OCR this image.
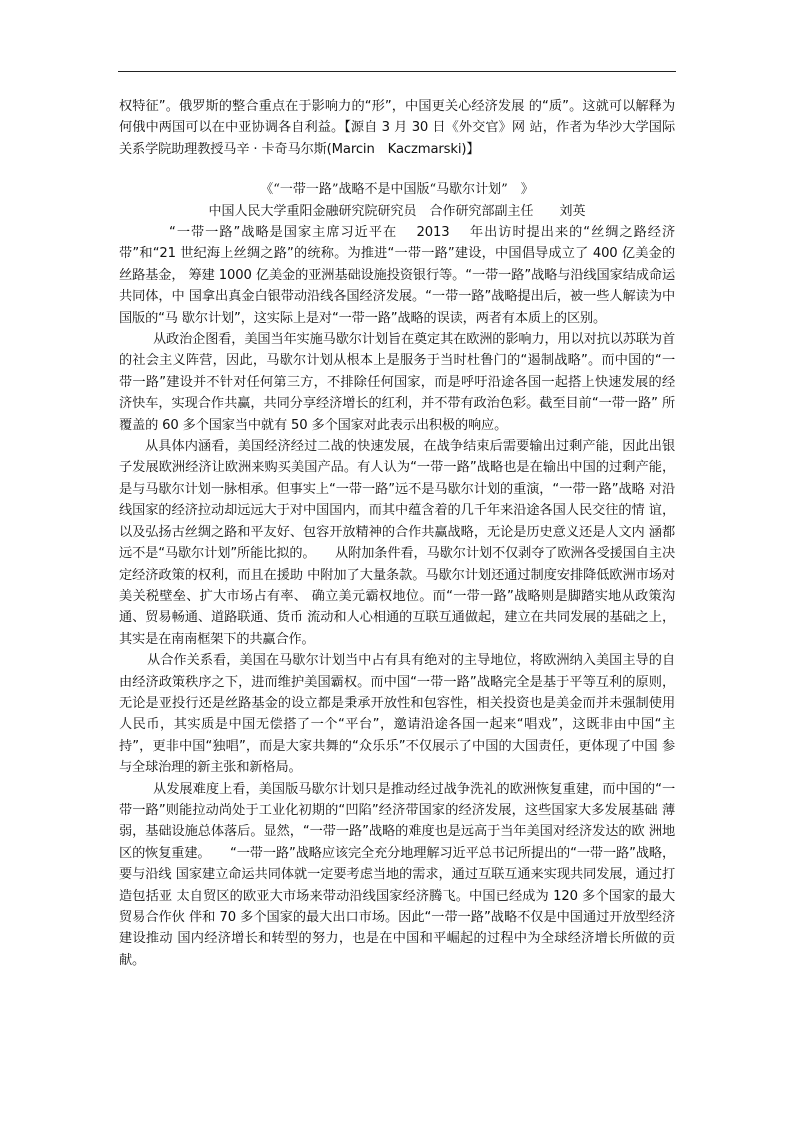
权特征”。俄罗斯的整合重点在于影响力的“形”，中国更关心经济发展 的“质”。这就可以解释为何俄中两国可以在中亚协调各自利益。【源自 3 月 30 日《外交官》网 站，作者为华沙大学国际关系学院助理教授马辛 · 卡奇马尔斯(Marcin　Kaczmarski)】

《“一带一路”战略不是中国版“马歇尔计划”　》
中国人民大学重阳金融研究院研究员　合作研究部副主任　　刘英

“一带一路”战略是国家主席习近平在　 2013　 年出访时提出来的“丝绸之路经济带”和“21 世纪海上丝绸之路”的统称。为推进“一带一路”建设，中国倡导成立了 400 亿美金的丝路基金， 筹建 1000 亿美金的亚洲基础设施投资银行等。“一带一路”战略与沿线国家结成命运共同体，中 国拿出真金白银带动沿线各国经济发展。“一带一路”战略提出后，被一些人解读为中国版的“马 歇尔计划”，这实际上是对“一带一路”战略的误读，两者有本质上的区别。

从政治企图看，美国当年实施马歇尔计划旨在奠定其在欧洲的影响力，用以对抗以苏联为首　　 的社会主义阵营，因此，马歇尔计划从根本上是服务于当时杜鲁门的“遏制战略”。而中国的“一 带一路”建设并不针对任何第三方，不排除任何国家，而是呼吁沿途各国一起搭上快速发展的经 济快车，实现合作共赢，共同分享经济增长的红利，并不带有政治色彩。截至目前“一带一路” 所覆盖的 60 多个国家当中就有 50 多个国家对此表示出积极的响应。

从具体内涵看，美国经济经过二战的快速发展，在战争结束后需要输出过剩产能，因此出银 子发展欧洲经济让欧洲来购买美国产品。有人认为“一带一路”战略也是在输出中国的过剩产能， 是与马歇尔计划一脉相承。但事实上“一带一路”远不是马歇尔计划的重演，“一带一路”战略 对沿线国家的经济拉动却远远大于对中国国内，而其中蕴含着的几千年来沿途各国人民交往的情 谊，以及弘扬古丝绸之路和平友好、包容开放精神的合作共赢战略，无论是历史意义还是人文内 涵都远不是“马歇尔计划”所能比拟的。　　从附加条件看，马歇尔计划不仅剥夺了欧洲各受援国自主决定经济政策的权利，而且在援助 中附加了大量条款。马歇尔计划还通过制度安排降低欧洲市场对美关税壁垒、扩大市场占有率、 确立美元霸权地位。而“一带一路”战略则是脚踏实地从政策沟通、贸易畅通、道路联通、货币 流动和人心相通的互联互通做起，建立在共同发展的基础之上，其实是在南南框架下的共赢合作。

从合作关系看，美国在马歇尔计划当中占有具有绝对的主导地位，将欧洲纳入美国主导的自 由经济政策秩序之下，进而维护美国霸权。而中国“一带一路”战略完全是基于平等互利的原则， 无论是亚投行还是丝路基金的设立都是秉承开放性和包容性，相关投资也是美金而并未强制使用 人民币，其实质是中国无偿搭了一个“平台”，邀请沿途各国一起来“唱戏”，这既非由中国“主 持”，更非中国“独唱”，而是大家共舞的“众乐乐”不仅展示了中国的大国责任，更体现了中国 参与全球治理的新主张和新格局。

从发展难度上看，美国版马歇尔计划只是推动经过战争洗礼的欧洲恢复重建，而中国的“一 带一路”则能拉动尚处于工业化初期的“凹陷”经济带国家的经济发展，这些国家大多发展基础 薄弱，基础设施总体落后。显然，“一带一路”战略的难度也是远高于当年美国对经济发达的欧 洲地区的恢复重建。　　“一带一路”战略应该完全充分地理解习近平总书记所提出的“一带一路”战略，要与沿线 国家建立命运共同体就一定要考虑当地的需求，通过互联互通来实现共同发展，通过打造包括亚 太自贸区的欧亚大市场来带动沿线国家经济腾飞。中国已经成为 120 多个国家的最大贸易合作伙 伴和 70 多个国家的最大出口市场。因此“一带一路”战略不仅是中国通过开放型经济建设推动 国内经济增长和转型的努力，也是在中国和平崛起的过程中为全球经济增长所做的贡献。
